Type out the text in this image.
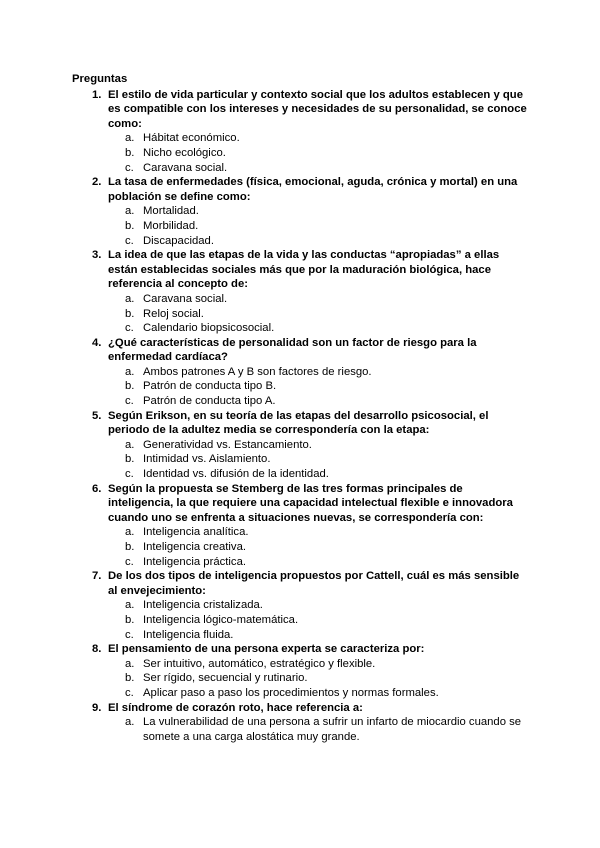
Preguntas

1. El estilo de vida particular y contexto social que los adultos establecen y que es compatible con los intereses y necesidades de su personalidad, se conoce como:
a. Hábitat económico.
b. Nicho ecológico.
c. Caravana social.
2. La tasa de enfermedades (física, emocional, aguda, crónica y mortal) en una población se define como:
a. Mortalidad.
b. Morbilidad.
c. Discapacidad.
3. La idea de que las etapas de la vida y las conductas “apropiadas” a ellas están establecidas sociales más que por la maduración biológica, hace referencia al concepto de:
a. Caravana social.
b. Reloj social.
c. Calendario biopsicosocial.
4. ¿Qué características de personalidad son un factor de riesgo para la enfermedad cardíaca?
a. Ambos patrones A y B son factores de riesgo.
b. Patrón de conducta tipo B.
c. Patrón de conducta tipo A.
5. Según Erikson, en su teoría de las etapas del desarrollo psicosocial, el periodo de la adultez media se correspondería con la etapa:
a. Generatividad vs. Estancamiento.
b. Intimidad vs. Aislamiento.
c. Identidad vs. difusión de la identidad.
6. Según la propuesta se Stemberg de las tres formas principales de inteligencia, la que requiere una capacidad intelectual flexible e innovadora cuando uno se enfrenta a situaciones nuevas, se correspondería con:
a. Inteligencia analítica.
b. Inteligencia creativa.
c. Inteligencia práctica.
7. De los dos tipos de inteligencia propuestos por Cattell, cuál es más sensible al envejecimiento:
a. Inteligencia cristalizada.
b. Inteligencia lógico-matemática.
c. Inteligencia fluida.
8. El pensamiento de una persona experta se caracteriza por:
a. Ser intuitivo, automático, estratégico y flexible.
b. Ser rígido, secuencial y rutinario.
c. Aplicar paso a paso los procedimientos y normas formales.
9. El síndrome de corazón roto, hace referencia a:
a. La vulnerabilidad de una persona a sufrir un infarto de miocardio cuando se somete a una carga alostática muy grande.
